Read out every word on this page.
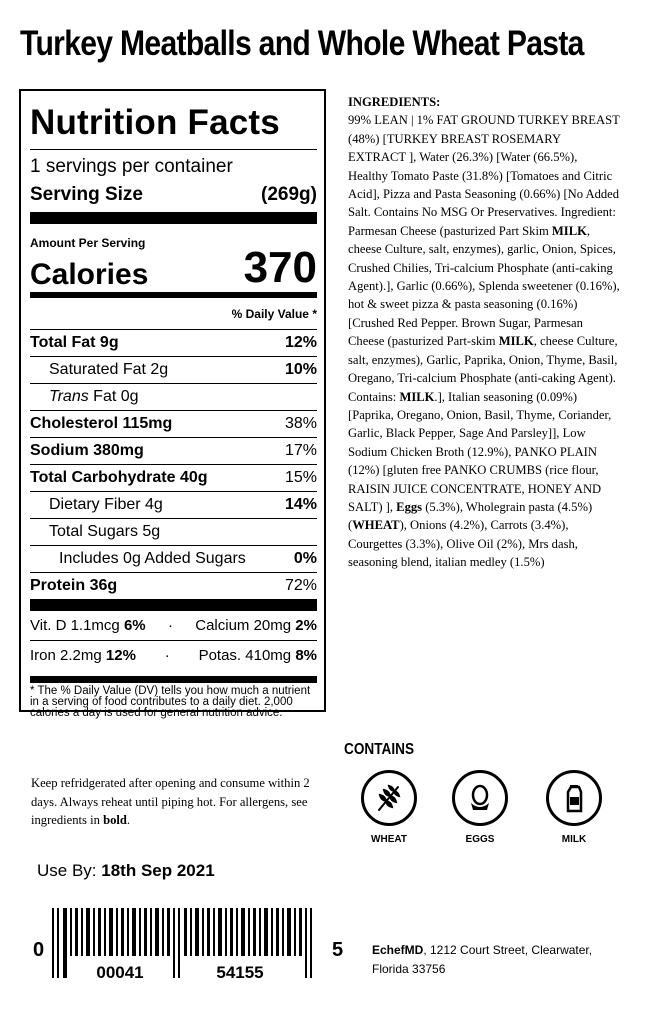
Turkey Meatballs and Whole Wheat Pasta
Nutrition Facts
1 servings per container
Serving Size	(269g)
Amount Per Serving
Calories 370
% Daily Value *
Total Fat 9g	12%
Saturated Fat 2g	10%
Trans Fat 0g
Cholesterol 115mg	38%
Sodium 380mg	17%
Total Carbohydrate 40g	15%
Dietary Fiber 4g	14%
Total Sugars 5g
Includes 0g Added Sugars	0%
Protein 36g	72%
Vit. D 1.1mcg 6% · Calcium 20mg 2%
Iron 2.2mg 12% · Potas. 410mg 8%
* The % Daily Value (DV) tells you how much a nutrient in a serving of food contributes to a daily diet. 2,000 calories a day is used for general nutrition advice.
INGREDIENTS:
99% LEAN | 1% FAT GROUND TURKEY BREAST (48%) [TURKEY BREAST ROSEMARY EXTRACT ], Water (26.3%) [Water (66.5%), Healthy Tomato Paste (31.8%) [Tomatoes and Citric Acid], Pizza and Pasta Seasoning (0.66%) [No Added Salt. Contains No MSG Or Preservatives. Ingredient: Parmesan Cheese (pasturized Part Skim MILK, cheese Culture, salt, enzymes), garlic, Onion, Spices, Crushed Chilies, Tri-calcium Phosphate (anti-caking Agent).], Garlic (0.66%), Splenda sweetener (0.16%), hot & sweet pizza & pasta seasoning (0.16%) [Crushed Red Pepper. Brown Sugar, Parmesan Cheese (pasturized Part-skim MILK, cheese Culture, salt, enzymes), Garlic, Paprika, Onion, Thyme, Basil, Oregano, Tri-calcium Phosphate (anti-caking Agent). Contains: MILK.], Italian seasoning (0.09%) [Paprika, Oregano, Onion, Basil, Thyme, Coriander, Garlic, Black Pepper, Sage And Parsley]], Low Sodium Chicken Broth (12.9%), PANKO PLAIN (12%) [gluten free PANKO CRUMBS (rice flour, RAISIN JUICE CONCENTRATE, HONEY AND SALT) ], Eggs (5.3%), Wholegrain pasta (4.5%) (WHEAT), Onions (4.2%), Carrots (3.4%), Courgettes (3.3%), Olive Oil (2%), Mrs dash, seasoning blend, italian medley (1.5%)
Keep refridgerated after opening and consume within 2 days. Always reheat until piping hot. For allergens, see ingredients in bold.
CONTAINS
WHEAT	EGGS	MILK
Use By: 18th Sep 2021
0
00041	54155
5 EchefMD, 1212 Court Street, Clearwater,
Florida 33756
